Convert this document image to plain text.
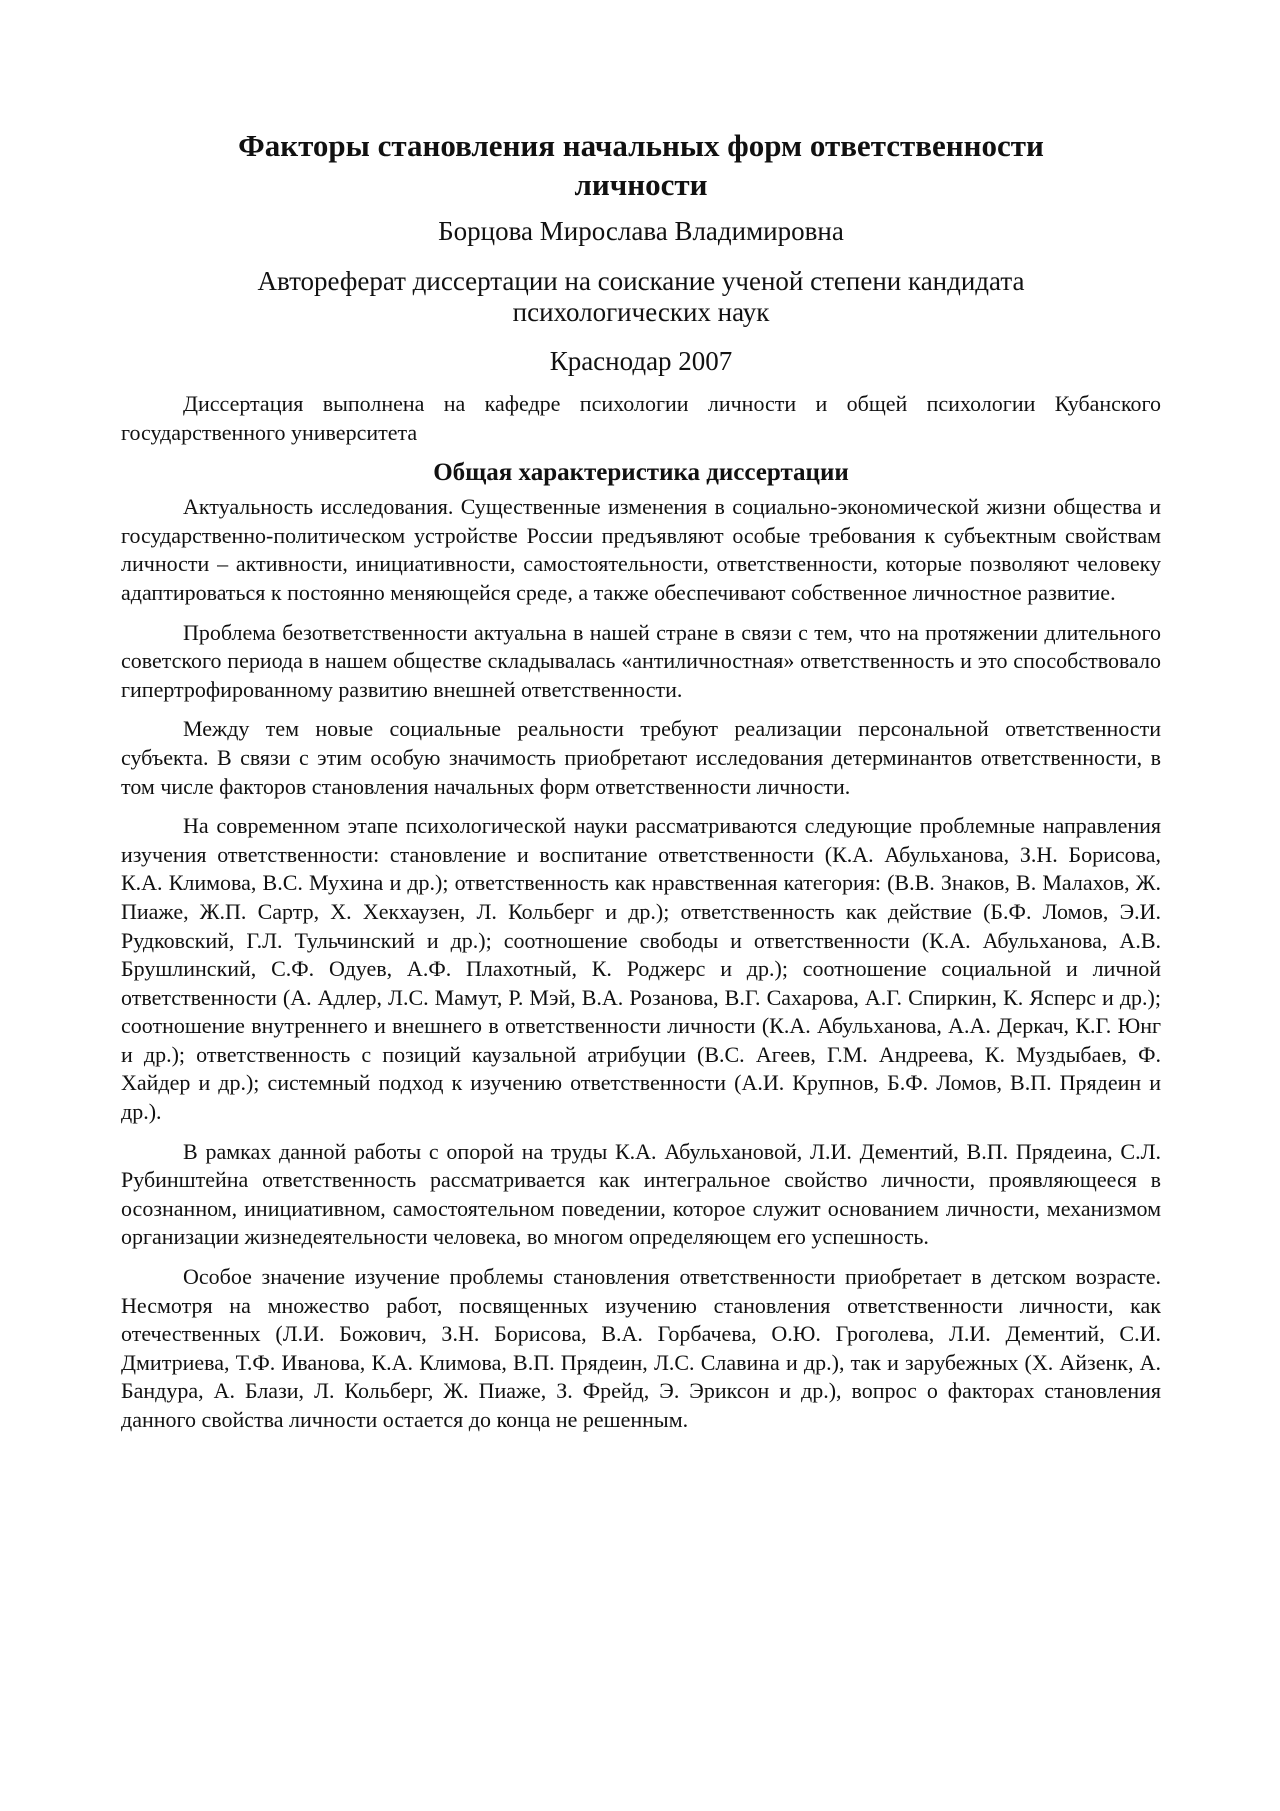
Факторы становления начальных форм ответственности личности
Борцова Мирослава Владимировна
Автореферат диссертации на соискание ученой степени кандидата психологических наук
Краснодар 2007

Диссертация выполнена на кафедре психологии личности и общей психологии Кубанского государственного университета

Общая характеристика диссертации

Актуальность исследования. Существенные изменения в социально-экономической жизни общества и государственно-политическом устройстве России предъявляют особые требования к субъектным свойствам личности – активности, инициативности, самостоятельности, ответственности, которые позволяют человеку адаптироваться к постоянно меняющейся среде, а также обеспечивают собственное личностное развитие.

Проблема безответственности актуальна в нашей стране в связи с тем, что на протяжении длительного советского периода в нашем обществе складывалась «антиличностная» ответственность и это способствовало гипертрофированному развитию внешней ответственности.

Между тем новые социальные реальности требуют реализации персональной ответственности субъекта. В связи с этим особую значимость приобретают исследования детерминантов ответственности, в том числе факторов становления начальных форм ответственности личности.

На современном этапе психологической науки рассматриваются следующие проблемные направления изучения ответственности: становление и воспитание ответственности (К.А. Абульханова, З.Н. Борисова, К.А. Климова, В.С. Мухина и др.); ответственность как нравственная категория: (В.В. Знаков, В. Малахов, Ж. Пиаже, Ж.П. Сартр, Х. Хекхаузен, Л. Кольберг и др.); ответственность как действие (Б.Ф. Ломов, Э.И. Рудковский, Г.Л. Тульчинский и др.); соотношение свободы и ответственности (К.А. Абульханова, А.В. Брушлинский, С.Ф. Одуев, А.Ф. Плахотный, К. Роджерс и др.); соотношение социальной и личной ответственности (А. Адлер, Л.С. Мамут, Р. Мэй, В.А. Розанова, В.Г. Сахарова, А.Г. Спиркин, К. Ясперс и др.); соотношение внутреннего и внешнего в ответственности личности (К.А. Абульханова, А.А. Деркач, К.Г. Юнг и др.); ответственность с позиций каузальной атрибуции (В.С. Агеев, Г.М. Андреева, К. Муздыбаев, Ф. Хайдер и др.); системный подход к изучению ответственности (А.И. Крупнов, Б.Ф. Ломов, В.П. Прядеин и др.).

В рамках данной работы с опорой на труды К.А. Абульхановой, Л.И. Дементий, В.П. Прядеина, С.Л. Рубинштейна ответственность рассматривается как интегральное свойство личности, проявляющееся в осознанном, инициативном, самостоятельном поведении, которое служит основанием личности, механизмом организации жизнедеятельности человека, во многом определяющем его успешность.

Особое значение изучение проблемы становления ответственности приобретает в детском возрасте. Несмотря на множество работ, посвященных изучению становления ответственности личности, как отечественных (Л.И. Божович, З.Н. Борисова, В.А. Горбачева, О.Ю. Гроголева, Л.И. Дементий, С.И. Дмитриева, Т.Ф. Иванова, К.А. Климова, В.П. Прядеин, Л.С. Славина и др.), так и зарубежных (Х. Айзенк, А. Бандура, А. Блази, Л. Кольберг, Ж. Пиаже, З. Фрейд, Э. Эриксон и др.), вопрос о факторах становления данного свойства личности остается до конца не решенным.
